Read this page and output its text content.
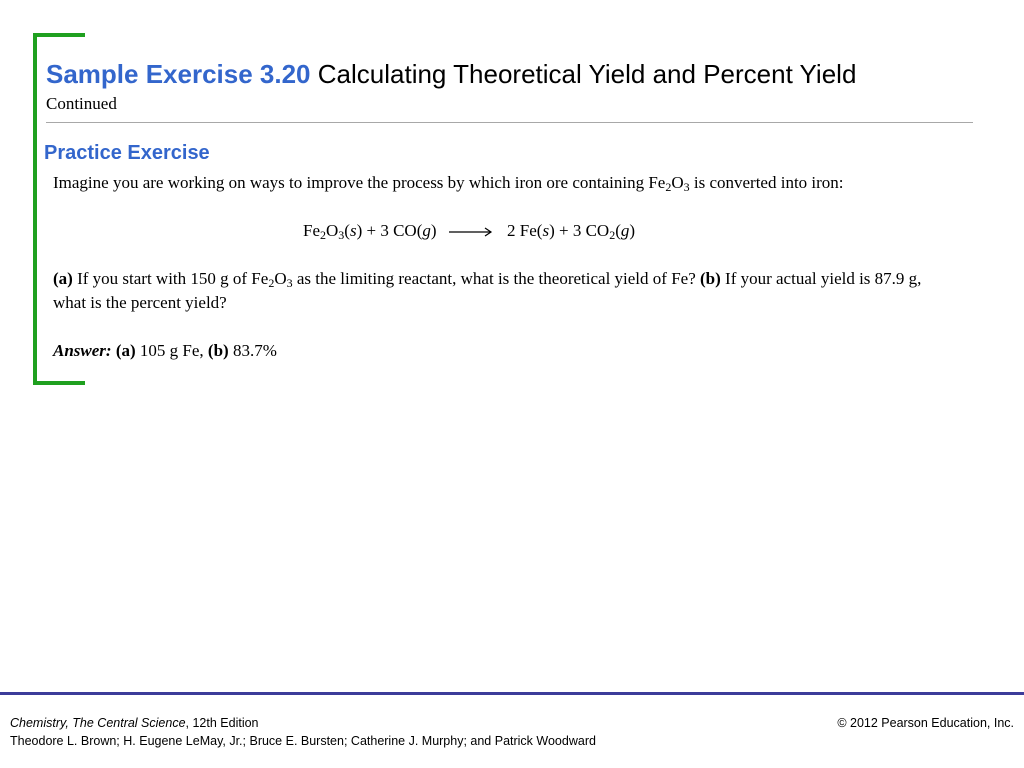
Sample Exercise 3.20 Calculating Theoretical Yield and Percent Yield
Continued
Practice Exercise
Imagine you are working on ways to improve the process by which iron ore containing $Fe_2O_3$ is converted into iron:
$Fe_2O_3(s) + 3$ CO(g) → 2 Fe(s) + 3 $CO_2(g)$
(a) If you start with 150 g of $Fe_2O_3$ as the limiting reactant, what is the theoretical yield of Fe? (b) If your actual yield is 87.9 g, what is the percent yield?
Answer: (a) 105 g Fe, (b) 83.7%
Chemistry, The Central Science, 12th Edition
Theodore L. Brown; H. Eugene LeMay, Jr.; Bruce E. Bursten; Catherine J. Murphy; and Patrick Woodward
© 2012 Pearson Education, Inc.
